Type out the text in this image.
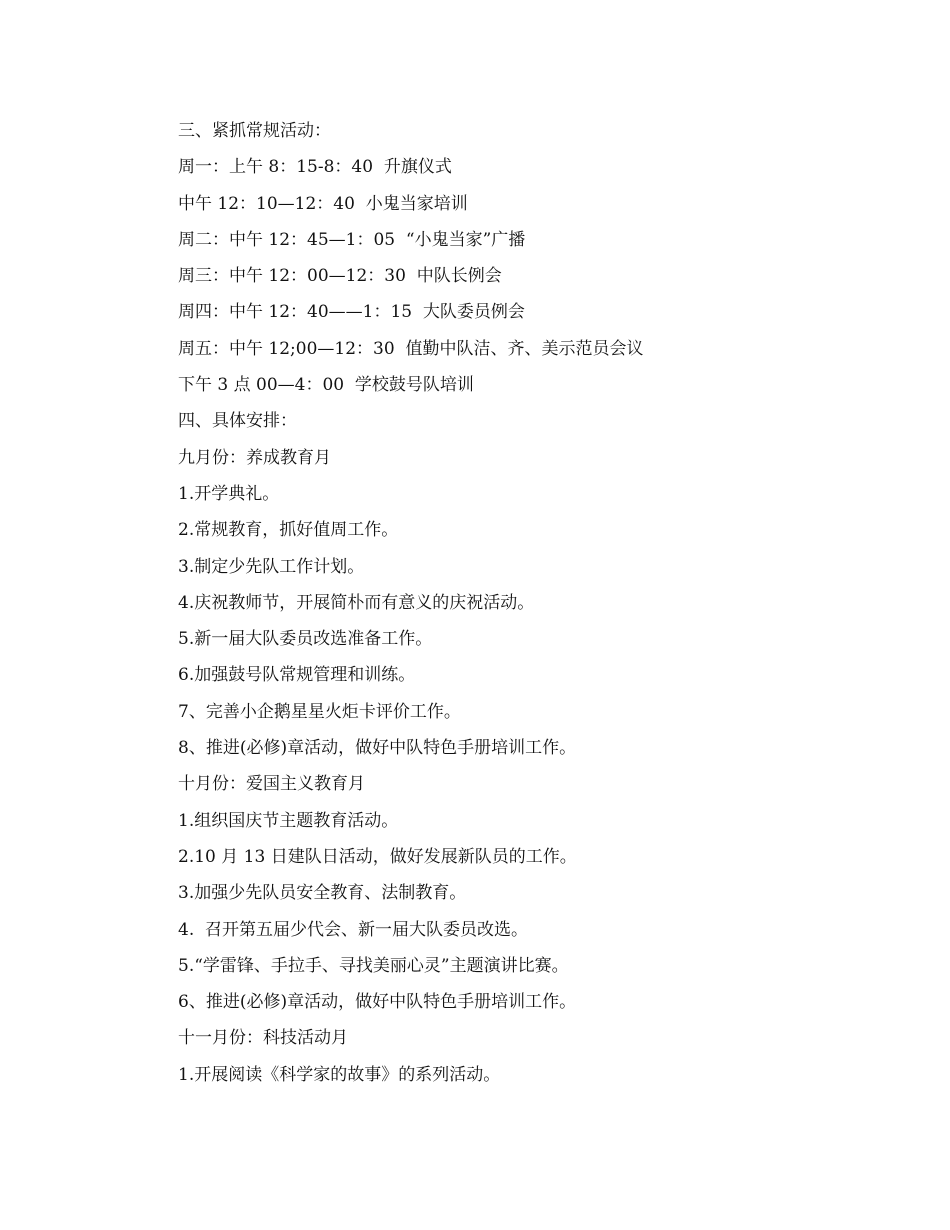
三、紧抓常规活动：
周一：上午 8：15-8：40  升旗仪式
中午 12：10—12：40  小鬼当家培训
周二：中午 12：45—1：05  “小鬼当家”广播
周三：中午 12：00—12：30  中队长例会
周四：中午 12：40——1：15  大队委员例会
周五：中午 12;00—12：30  值勤中队洁、齐、美示范员会议
下午 3 点 00—4：00  学校鼓号队培训
四、具体安排：
九月份：养成教育月
1.开学典礼。
2.常规教育，抓好值周工作。
3.制定少先队工作计划。
4.庆祝教师节，开展简朴而有意义的庆祝活动。
5.新一届大队委员改选准备工作。
6.加强鼓号队常规管理和训练。
7、完善小企鹅星星火炬卡评价工作。
8、推进(必修)章活动，做好中队特色手册培训工作。
十月份：爱国主义教育月
1.组织国庆节主题教育活动。
2.10 月 13 日建队日活动，做好发展新队员的工作。
3.加强少先队员安全教育、法制教育。
4.  召开第五届少代会、新一届大队委员改选。
5.“学雷锋、手拉手、寻找美丽心灵”主题演讲比赛。
6、推进(必修)章活动，做好中队特色手册培训工作。
十一月份：科技活动月
1.开展阅读《科学家的故事》的系列活动。
